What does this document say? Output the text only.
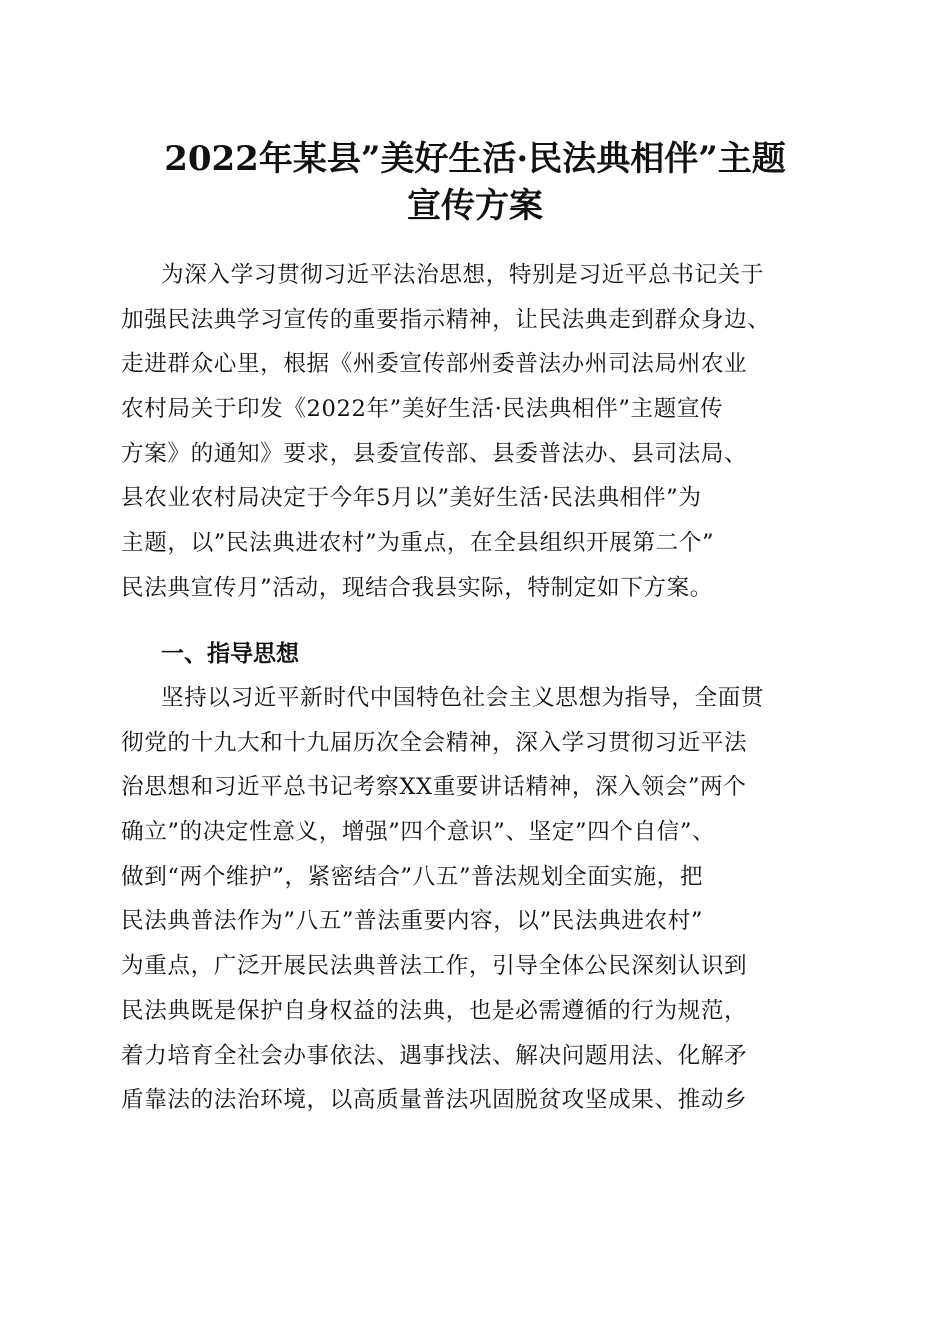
2022年某县”美好生活·民法典相伴”主题
宣传方案
为深入学习贯彻习近平法治思想，特别是习近平总书记关于
加强民法典学习宣传的重要指示精神，让民法典走到群众身边、
走进群众心里，根据《州委宣传部州委普法办州司法局州农业
农村局关于印发《2022年”美好生活·民法典相伴”主题宣传
方案》的通知》要求，县委宣传部、县委普法办、县司法局、
县农业农村局决定于今年5月以”美好生活·民法典相伴”为
主题，以”民法典进农村”为重点，在全县组织开展第二个”
民法典宣传月”活动，现结合我县实际，特制定如下方案。
一、指导思想
坚持以习近平新时代中国特色社会主义思想为指导，全面贯
彻党的十九大和十九届历次全会精神，深入学习贯彻习近平法
治思想和习近平总书记考察XX重要讲话精神，深入领会”两个
确立”的决定性意义，增强”四个意识”、坚定”四个自信”、
做到“两个维护”，紧密结合”八五”普法规划全面实施，把
民法典普法作为”八五”普法重要内容，以”民法典进农村”
为重点，广泛开展民法典普法工作，引导全体公民深刻认识到
民法典既是保护自身权益的法典，也是必需遵循的行为规范，
着力培育全社会办事依法、遇事找法、解决问题用法、化解矛
盾靠法的法治环境，以高质量普法巩固脱贫攻坚成果、推动乡
